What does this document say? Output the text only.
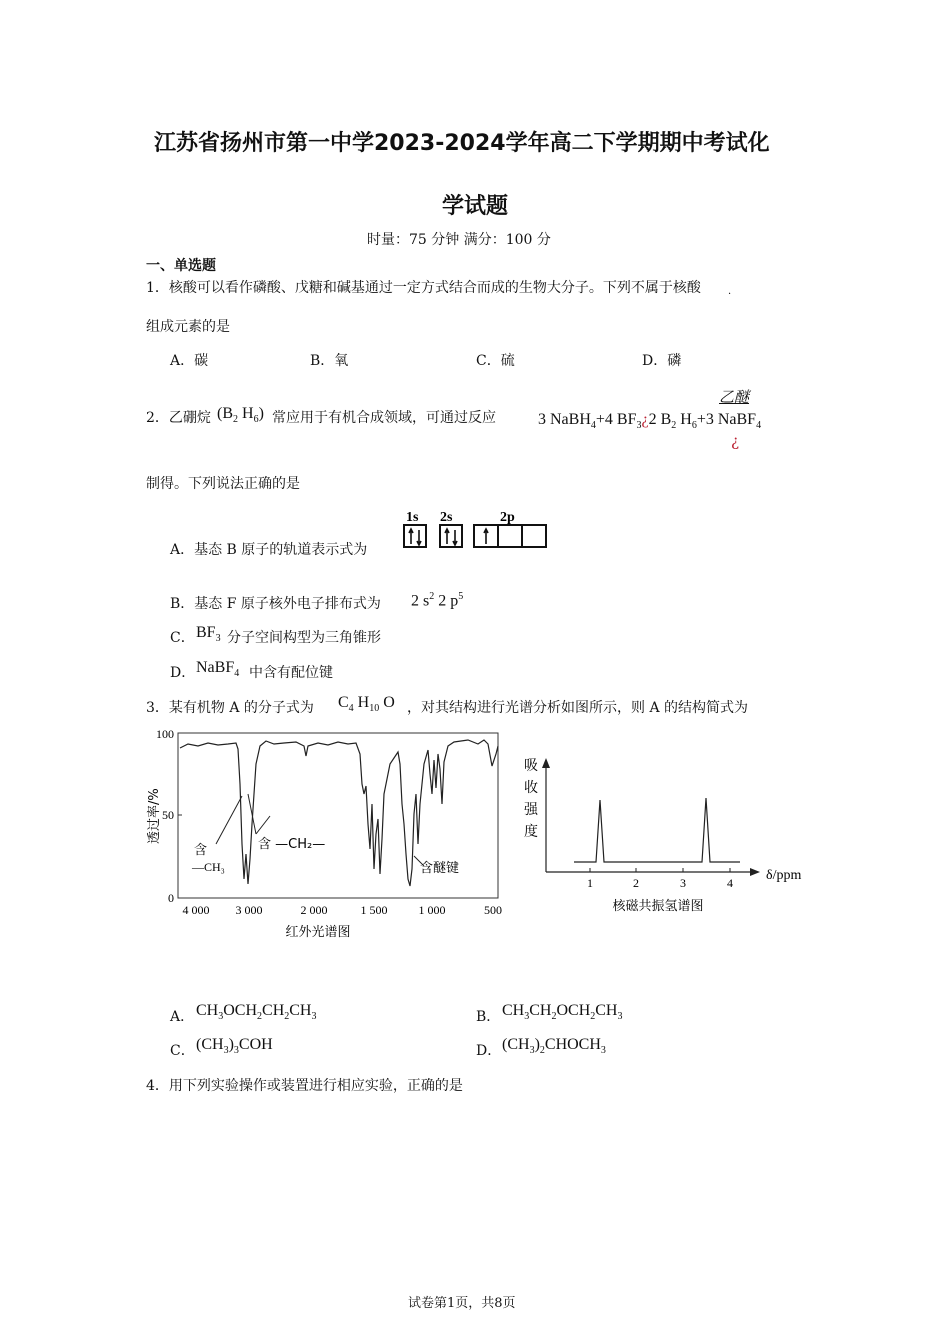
江苏省扬州市第一中学2023-2024学年高二下学期期中考试化
学试题
时量：75 分钟 满分：100 分
一、单选题
1．核酸可以看作磷酸、戊糖和碱基通过一定方式结合而成的生物大分子。下列不属于核酸	·
组成元素的是
A．碳	B．氧	C．硫	D．磷
2．乙硼烷 ($B_2$ $H_6$) 常应用于有机合成领域，可通过反应	3 NaBH$_4$+4 $BF_3¿2$ $B_2$ $H_6+3$ NaBF$_4$
乙醚
¿
制得。下列说法正确的是
A．基态 B 原子的轨道表示式为
1s 2s	2p
B．基态 F 原子核外电子排布式为 2 $s^2$ 2 $p^5$
C． $BF_3$ 分子空间构型为三角锥形
D． NaBF$_4$ 中含有配位键
3．某有机物 A 的分子式为 $C_4$ $H_{10}$ O ，对其结构进行光谱分析如图所示，则 A 的结构简式为
100
50
0
透过率/%
4 000 3 000	2 000	1 500	1 000	500
红外光谱图
含
—CH₃
含 —CH₂—
含醚键
吸
收
强
度
1	2	3	4 δ/ppm
核磁共振氢谱图
A． $CH_3OCH_2CH_2CH_3$	B． $CH_3CH_2OCH_2CH_3$
C． $(CH_3)_3COH$	D． $(CH_3)_2CHOCH_3$
4．用下列实验操作或装置进行相应实验，正确的是
试卷第1页，共8页
